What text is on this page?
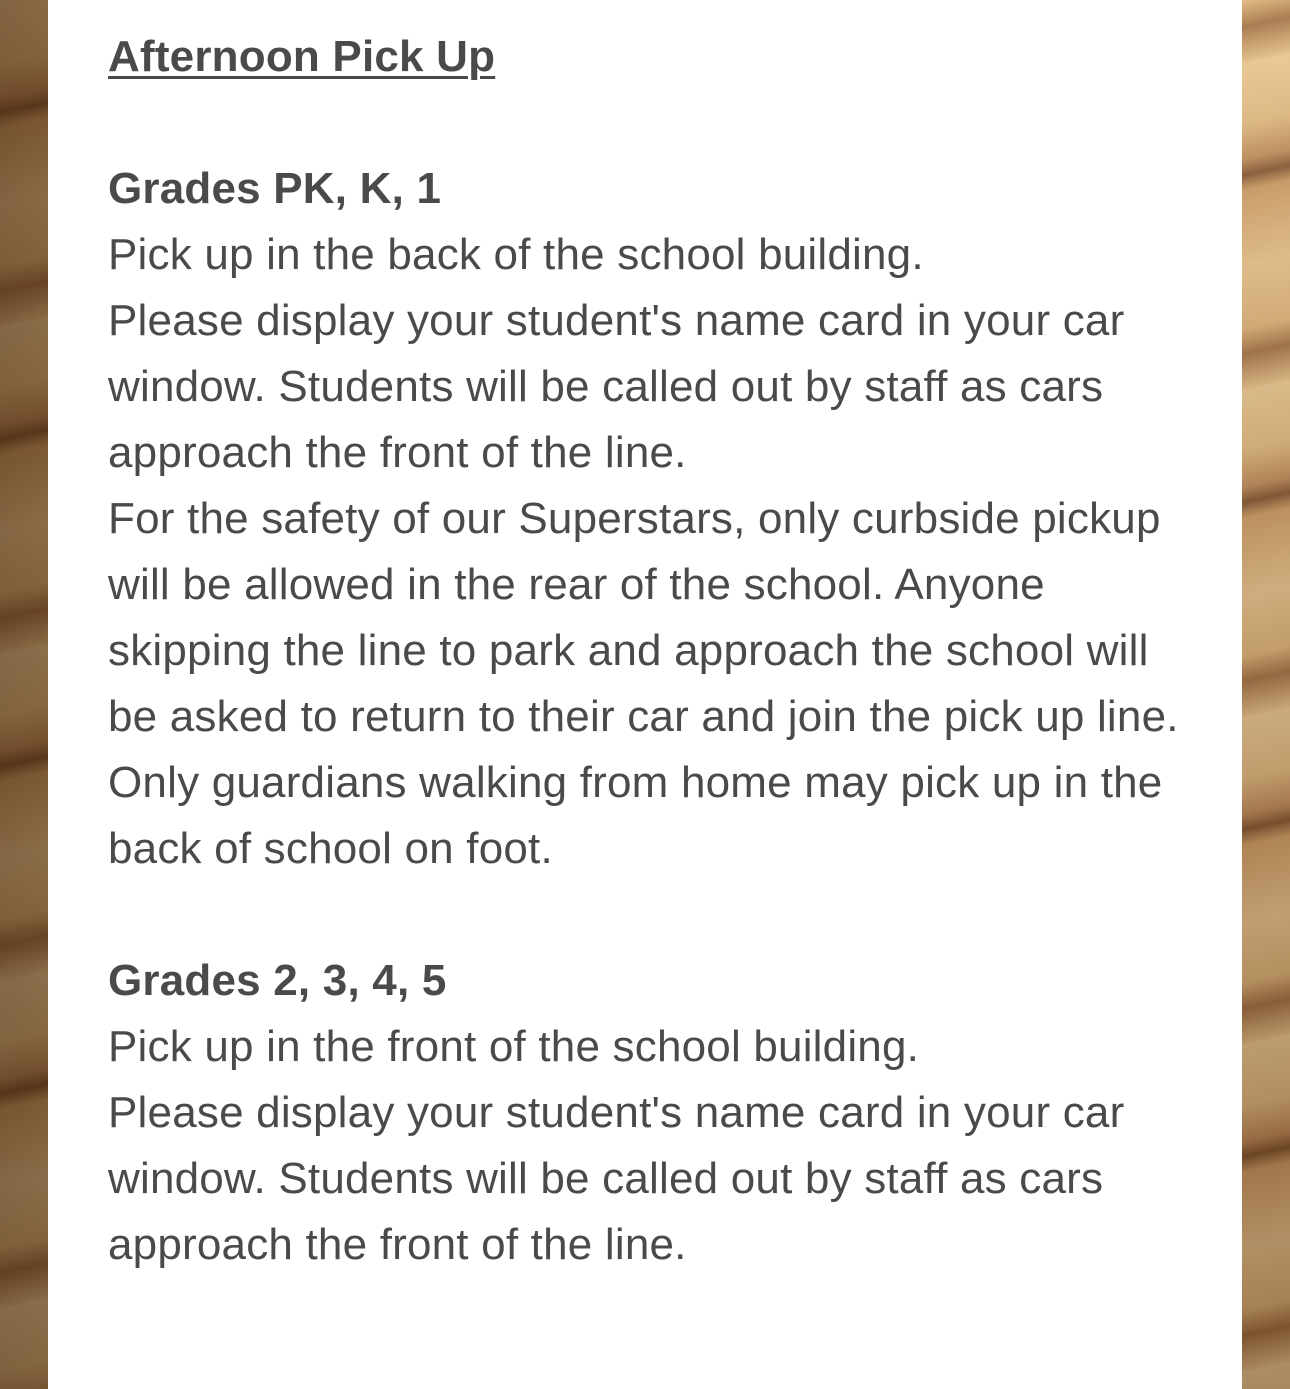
Afternoon Pick Up
Grades PK, K, 1

Pick up in the back of the school building.

Please display your student's name card in your car window. Students will be called out by staff as cars approach the front of the line.

For the safety of our Superstars, only curbside pickup will be allowed in the rear of the school. Anyone skipping the line to park and approach the school will be asked to return to their car and join the pick up line.

Only guardians walking from home may pick up in the back of school on foot.

Grades 2, 3, 4, 5

Pick up in the front of the school building.

Please display your student's name card in your car window. Students will be called out by staff as cars approach the front of the line.
